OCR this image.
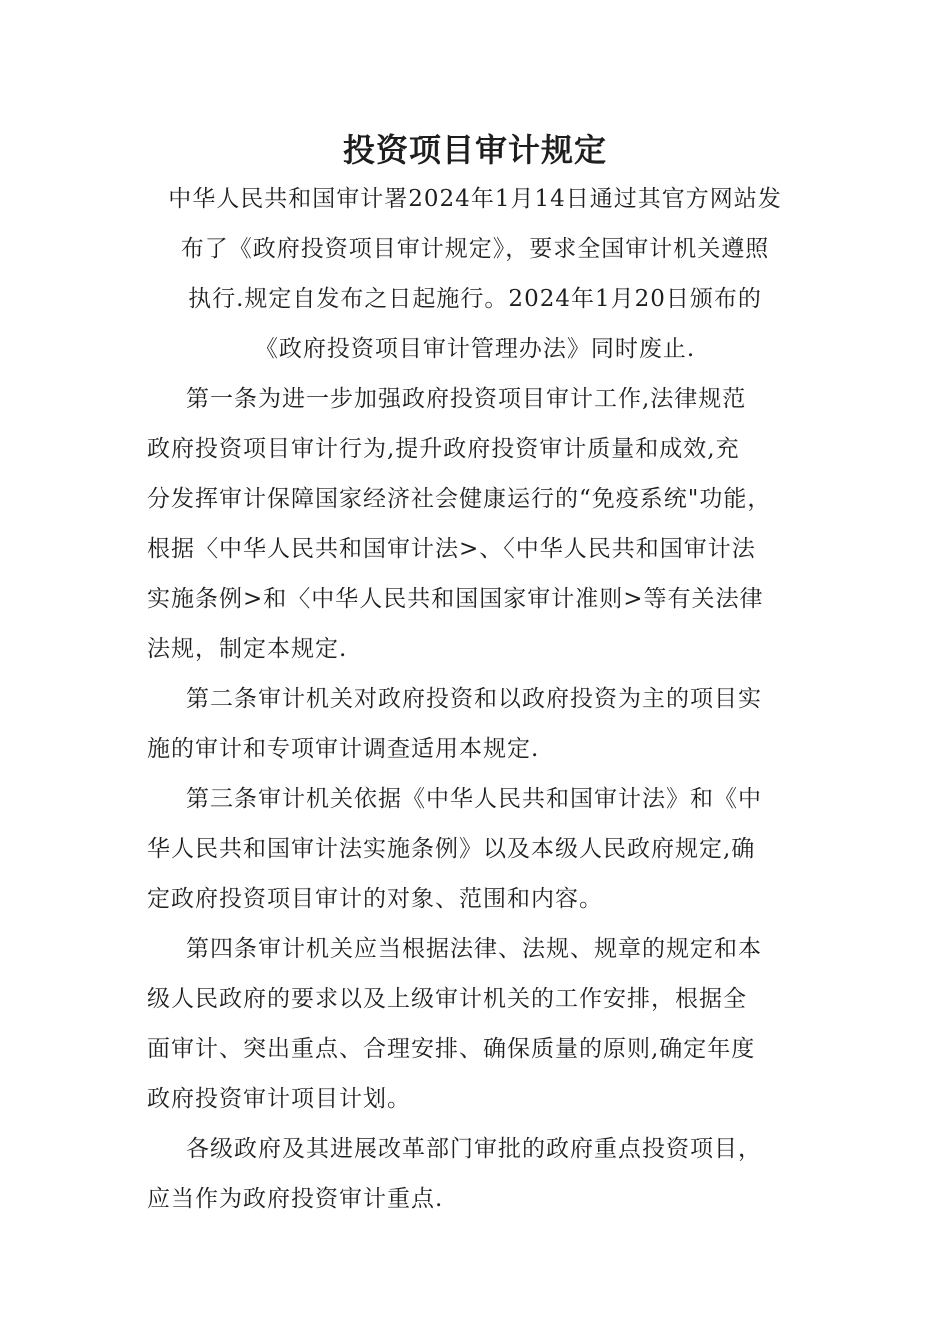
投资项目审计规定
中华人民共和国审计署2024年1月14日通过其官方网站发
布了《政府投资项目审计规定》，要求全国审计机关遵照
执行.规定自发布之日起施行。2024年1月20日颁布的
《政府投资项目审计管理办法》同时废止.
第一条为进一步加强政府投资项目审计工作,法律规范
政府投资项目审计行为,提升政府投资审计质量和成效,充
分发挥审计保障国家经济社会健康运行的“免疫系统"功能，
根据〈中华人民共和国审计法>、〈中华人民共和国审计法
实施条例>和〈中华人民共和国国家审计准则>等有关法律
法规，制定本规定.
第二条审计机关对政府投资和以政府投资为主的项目实
施的审计和专项审计调查适用本规定.
第三条审计机关依据《中华人民共和国审计法》和《中
华人民共和国审计法实施条例》以及本级人民政府规定,确
定政府投资项目审计的对象、范围和内容。
第四条审计机关应当根据法律、法规、规章的规定和本
级人民政府的要求以及上级审计机关的工作安排，根据全
面审计、突出重点、合理安排、确保质量的原则,确定年度
政府投资审计项目计划。
各级政府及其进展改革部门审批的政府重点投资项目，
应当作为政府投资审计重点.
